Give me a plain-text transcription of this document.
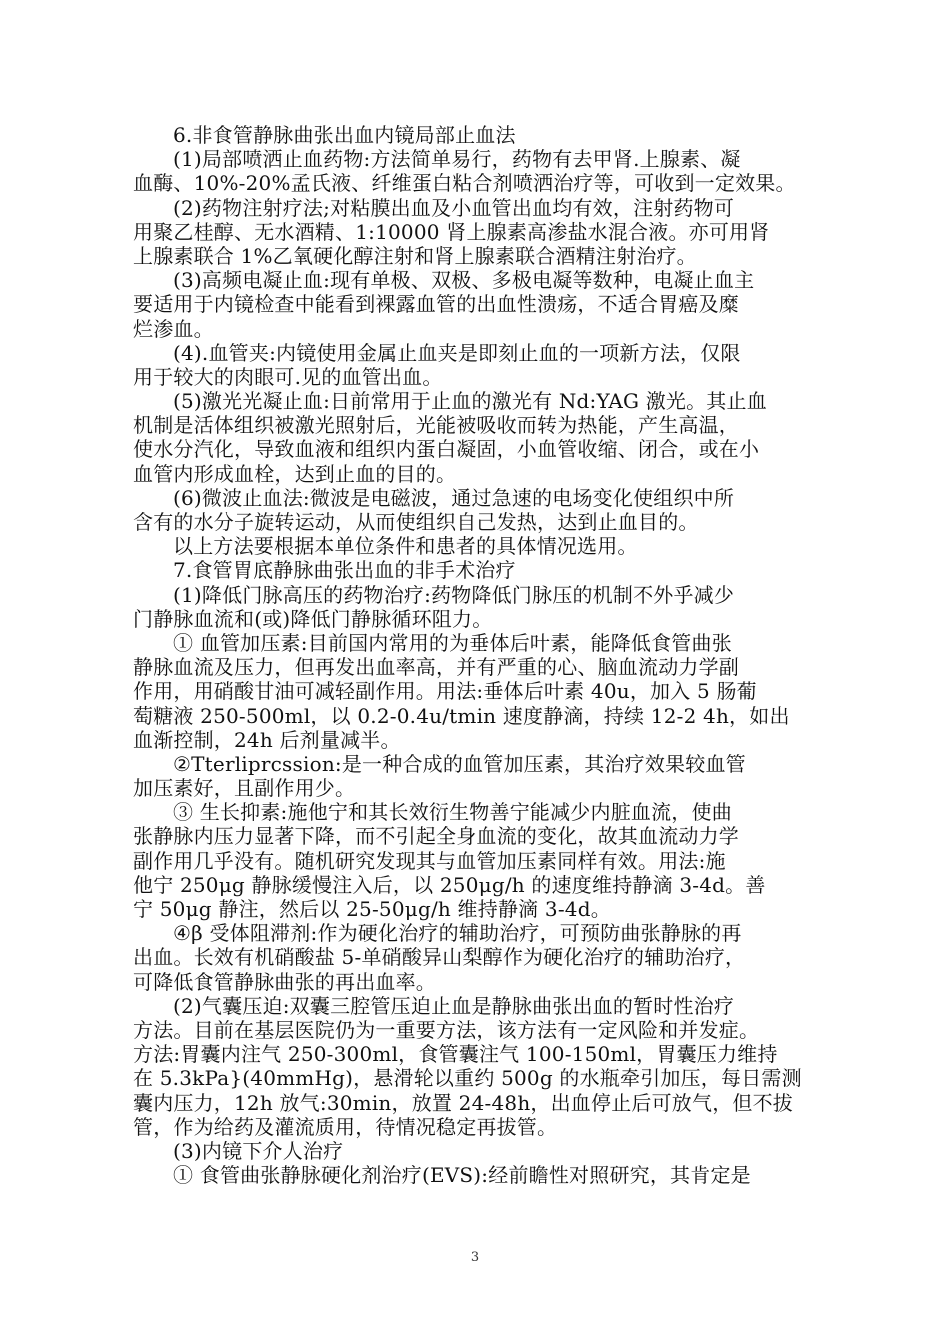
6.非食管静脉曲张出血内镜局部止血法
(1)局部喷洒止血药物:方法简单易行，药物有去甲肾.上腺素、凝
血酶、10%-20%孟氏液、纤维蛋白粘合剂喷洒治疗等，可收到一定效果。
(2)药物注射疗法;对粘膜出血及小血管出血均有效，注射药物可
用聚乙桂醇、无水酒精、1:10000 肾上腺素高渗盐水混合液。亦可用肾
上腺素联合 1%乙氧硬化醇注射和肾上腺素联合酒精注射治疗。
(3)高频电凝止血:现有单极、双极、多极电凝等数种，电凝止血主
要适用于内镜检查中能看到裸露血管的出血性溃疡，不适合胃癌及糜
烂渗血。
(4).血管夹:内镜使用金属止血夹是即刻止血的一项新方法，仅限
用于较大的肉眼可.见的血管出血。
(5)激光光凝止血:日前常用于止血的激光有 Nd:YAG 激光。其止血
机制是活体组织被激光照射后，光能被吸收而转为热能，产生高温，
使水分汽化，导致血液和组织内蛋白凝固，小血管收缩、闭合，或在小
血管内形成血栓，达到止血的目的。
(6)微波止血法:微波是电磁波，通过急速的电场变化使组织中所
含有的水分子旋转运动，从而使组织自己发热，达到止血目的。
以上方法要根据本单位条件和患者的具体情况选用。
7.食管胃底静脉曲张出血的非手术治疗
(1)降低门脉高压的药物治疗:药物降低门脉压的机制不外乎减少
门静脉血流和(或)降低门静脉循环阻力。
① 血管加压素:目前国内常用的为垂体后叶素，能降低食管曲张
静脉血流及压力，但再发出血率高，并有严重的心、脑血流动力学副
作用，用硝酸甘油可减轻副作用。用法:垂体后叶素 40u，加入 5 肠葡
萄糖液 250-500ml，以 0.2-0.4u/tmin 速度静滴，持续 12-2 4h，如出
血渐控制，24h 后剂量减半。
②Tterliprcssion:是一种合成的血管加压素，其治疗效果较血管
加压素好，且副作用少。
③ 生长抑素:施他宁和其长效衍生物善宁能减少内脏血流，使曲
张静脉内压力显著下降，而不引起全身血流的变化，故其血流动力学
副作用几乎没有。随机研究发现其与血管加压素同样有效。用法:施
他宁 250μg 静脉缓慢注入后，以 250μg/h 的速度维持静滴 3-4d。善
宁 50μg 静注，然后以 25-50μg/h 维持静滴 3-4d。
④β 受体阻滞剂:作为硬化治疗的辅助治疗，可预防曲张静脉的再
出血。长效有机硝酸盐 5-单硝酸异山梨醇作为硬化治疗的辅助治疗，
可降低食管静脉曲张的再出血率。
(2)气囊压迫:双囊三腔管压迫止血是静脉曲张出血的暂时性治疗
方法。目前在基层医院仍为一重要方法，该方法有一定风险和并发症。
方法:胃囊内注气 250-300ml，食管囊注气 100-150ml，胃囊压力维持
在 5.3kPa}(40mmHg)，悬滑轮以重约 500g 的水瓶牵引加压，每日需测
囊内压力，12h 放气:30min，放置 24-48h，出血停止后可放气，但不拔
管，作为给药及灌流质用，待情况稳定再拔管。
(3)内镜下介人治疗
① 食管曲张静脉硬化剂治疗(EVS):经前瞻性对照研究，其肯定是
3
